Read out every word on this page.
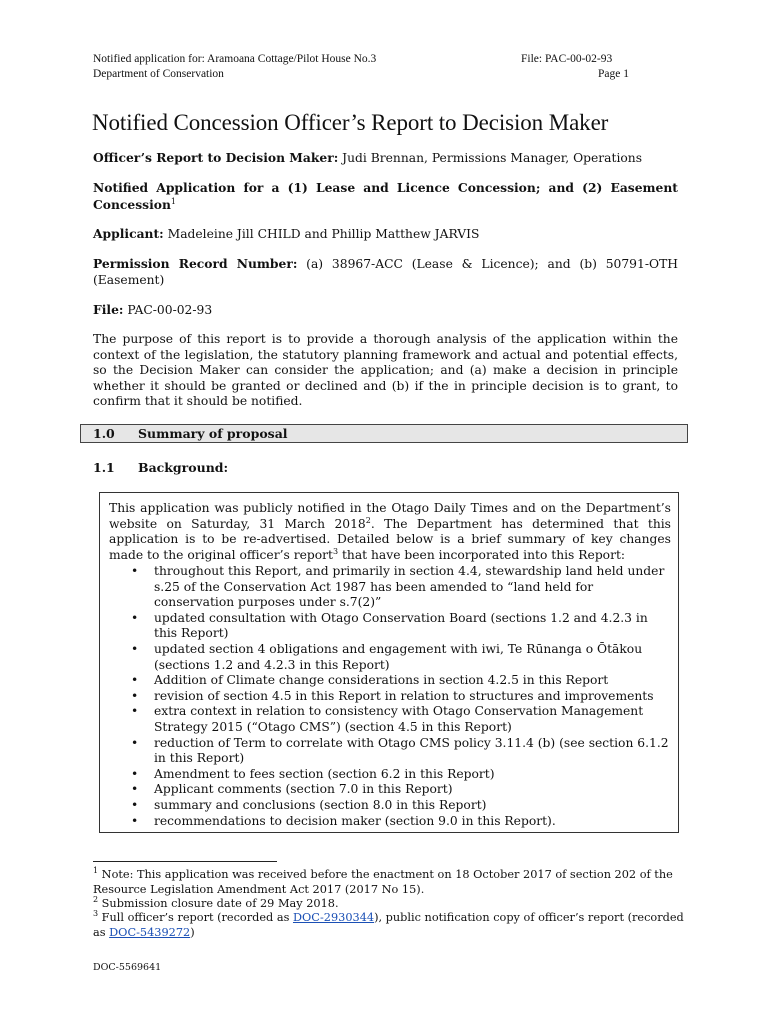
Notified application for: Aramoana Cottage/Pilot House No.3
Department of Conservation
File: PAC-00-02-93
Page 1
Notified Concession Officer’s Report to Decision Maker

Officer’s Report to Decision Maker: Judi Brennan, Permissions Manager, Operations

Notified Application for a (1) Lease and Licence Concession; and (2) Easement Concession$^1$

Applicant: Madeleine Jill CHILD and Phillip Matthew JARVIS

Permission Record Number: (a) 38967-ACC (Lease & Licence); and (b) 50791-OTH (Easement)

File: PAC-00-02-93

The purpose of this report is to provide a thorough analysis of the application within the context of the legislation, the statutory planning framework and actual and potential effects, so the Decision Maker can consider the application; and (a) make a decision in principle whether it should be granted or declined and (b) if the in principle decision is to grant, to confirm that it should be notified.

1.0 Summary of proposal
1.1 Background:

This application was publicly notified in the Otago Daily Times and on the Department’s website on Saturday, 31 March 2018$^2$. The Department has determined that this application is to be re-advertised. Detailed below is a brief summary of key changes made to the original officer’s report$^3$ that have been incorporated into this Report:

• throughout this Report, and primarily in section 4.4, stewardship land held under s.25 of the Conservation Act 1987 has been amended to “land held for conservation purposes under s.7(2)”
• updated consultation with Otago Conservation Board (sections 1.2 and 4.2.3 in this Report)
• updated section 4 obligations and engagement with iwi, Te Rūnanga o Ōtākou (sections 1.2 and 4.2.3 in this Report)
• Addition of Climate change considerations in section 4.2.5 in this Report
• revision of section 4.5 in this Report in relation to structures and improvements
• extra context in relation to consistency with Otago Conservation Management Strategy 2015 (“Otago CMS”) (section 4.5 in this Report)
• reduction of Term to correlate with Otago CMS policy 3.11.4 (b) (see section 6.1.2 in this Report)
• Amendment to fees section (section 6.2 in this Report)
• Applicant comments (section 7.0 in this Report)
• summary and conclusions (section 8.0 in this Report)
• recommendations to decision maker (section 9.0 in this Report).

$^1$ Note: This application was received before the enactment on 18 October 2017 of section 202 of the Resource Legislation Amendment Act 2017 (2017 No 15).

$^2$ Submission closure date of 29 May 2018.

$^3$ Full officer’s report (recorded as DOC-2930344), public notification copy of officer’s report (recorded as DOC-5439272)

DOC-5569641
